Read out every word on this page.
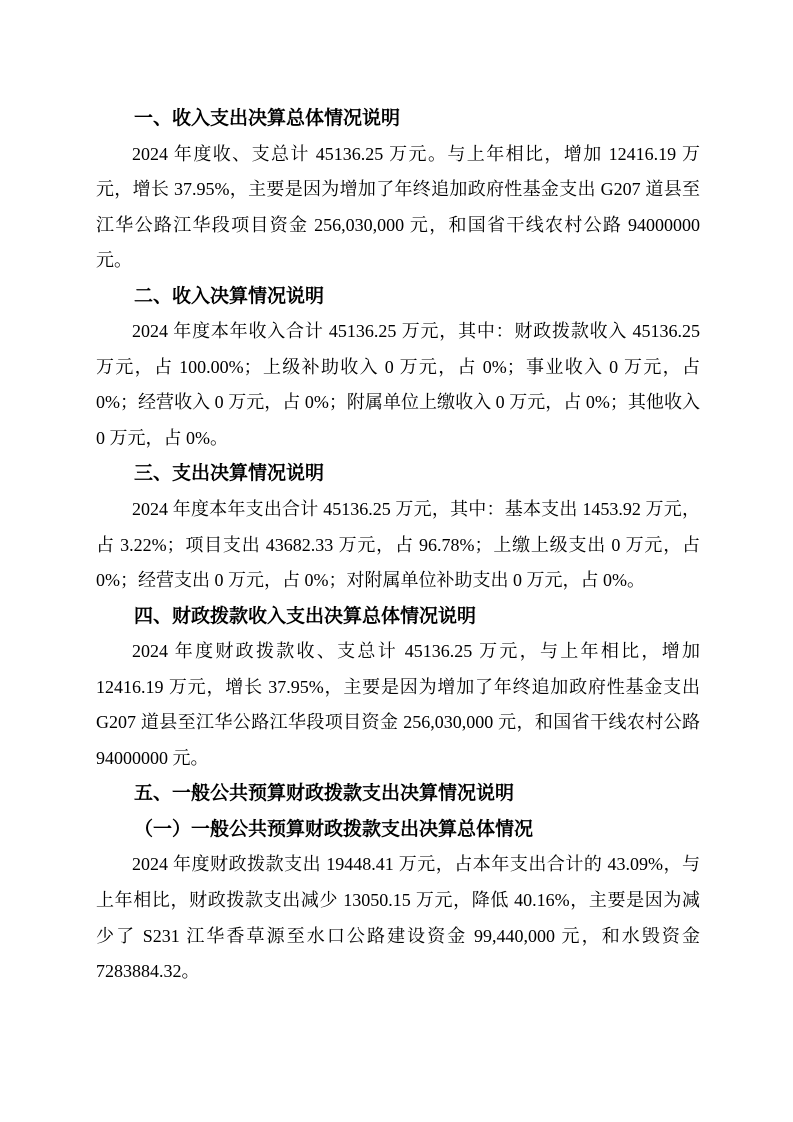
一、收入支出决算总体情况说明

2024 年度收、支总计 45136.25 万元。与上年相比，增加 12416.19 万元，增长 37.95%，主要是因为增加了年终追加政府性基金支出 G207 道县至江华公路江华段项目资金 256,030,000 元，和国省干线农村公路 94000000 元。

二、收入决算情况说明

2024 年度本年收入合计 45136.25 万元，其中：财政拨款收入 45136.25 万元，占 100.00%；上级补助收入 0 万元，占 0%；事业收入 0 万元，占 0%；经营收入 0 万元，占 0%；附属单位上缴收入 0 万元，占 0%；其他收入 0 万元，占 0%。

三、支出决算情况说明

2024 年度本年支出合计 45136.25 万元，其中：基本支出 1453.92 万元，占 3.22%；项目支出 43682.33 万元，占 96.78%；上缴上级支出 0 万元，占 0%；经营支出 0 万元，占 0%；对附属单位补助支出 0 万元，占 0%。

四、财政拨款收入支出决算总体情况说明

2024 年度财政拨款收、支总计 45136.25 万元，与上年相比，增加 12416.19 万元，增长 37.95%，主要是因为增加了年终追加政府性基金支出 G207 道县至江华公路江华段项目资金 256,030,000 元，和国省干线农村公路 94000000 元。

五、一般公共预算财政拨款支出决算情况说明
（一）一般公共预算财政拨款支出决算总体情况

2024 年度财政拨款支出 19448.41 万元，占本年支出合计的 43.09%，与上年相比，财政拨款支出减少 13050.15 万元，降低 40.16%，主要是因为减少了 S231 江华香草源至水口公路建设资金 99,440,000 元，和水毁资金 7283884.32。
